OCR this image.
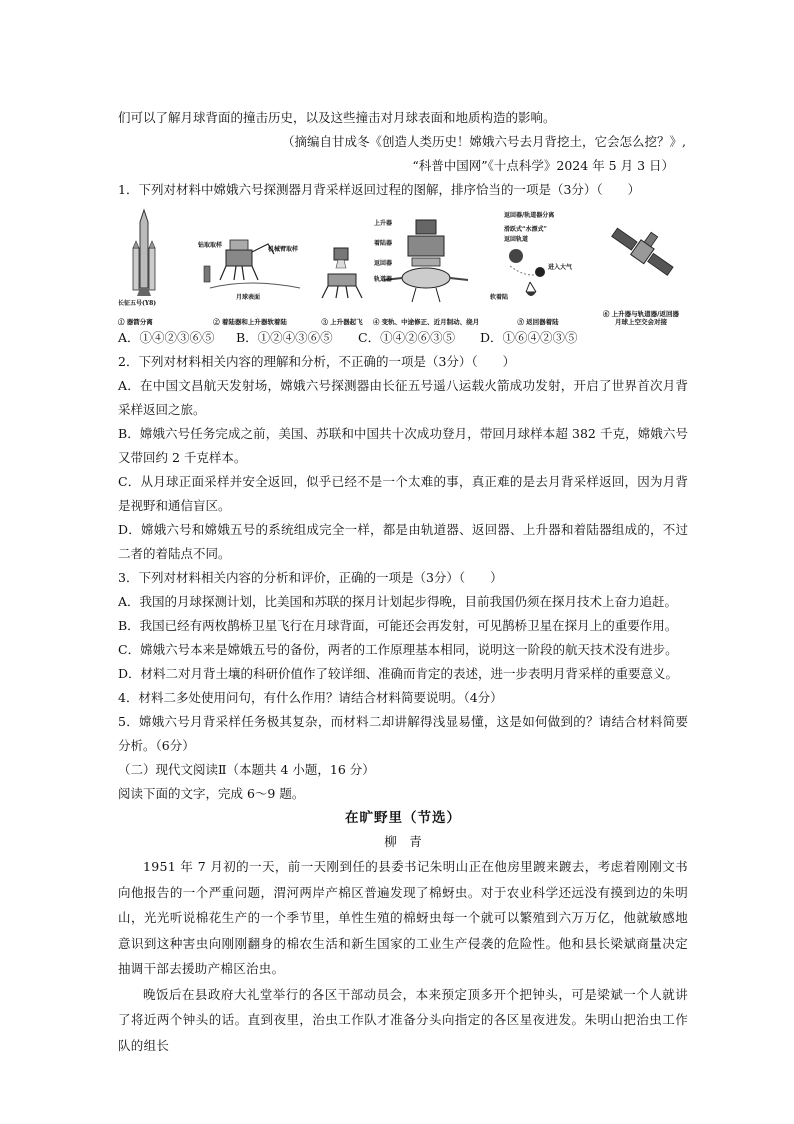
们可以了解月球背面的撞击历史，以及这些撞击对月球表面和地质构造的影响。
（摘编自甘成冬《创造人类历史！嫦娥六号去月背挖土，它会怎么挖？》,
“科普中国网”《十点科学》2024 年 5 月 3 日）
1．下列对材料中嫦娥六号探测器月背采样返回过程的图解，排序恰当的一项是（3分）（　　）
长征五号(Y8)
① 器箭分离
钻取取样
机械臂取样
月球表面
② 着陆器和上升器软着陆	③ 上升器起飞
上升器
着陆器
返回器
轨道器
④ 变轨、中途修正、近月制动、绕月
返回器/轨道器分离
滑跃式“水漂式”
返回轨道
进入大气
软着陆
⑤ 返回器着陆
⑥ 上升器与轨道器/返回器
月球上空交会对接
A．①④②③⑥⑤	B．①②④③⑥⑤	C．①④②⑥③⑤	D．①⑥④②③⑤
2．下列对材料相关内容的理解和分析，不正确的一项是（3分）（　　）
A．在中国文昌航天发射场，嫦娥六号探测器由长征五号遥八运载火箭成功发射，开启了世界首次月背采样返回之旅。
B．嫦娥六号任务完成之前，美国、苏联和中国共十次成功登月，带回月球样本超 382 千克，嫦娥六号又带回约 2 千克样本。
C．从月球正面采样并安全返回，似乎已经不是一个太难的事，真正难的是去月背采样返回，因为月背是视野和通信盲区。
D．嫦娥六号和嫦娥五号的系统组成完全一样，都是由轨道器、返回器、上升器和着陆器组成的，不过二者的着陆点不同。
3．下列对材料相关内容的分析和评价，正确的一项是（3分）（　　）
A．我国的月球探测计划，比美国和苏联的探月计划起步得晚，目前我国仍须在探月技术上奋力追赶。
B．我国已经有两枚鹊桥卫星飞行在月球背面，可能还会再发射，可见鹊桥卫星在探月上的重要作用。
C．嫦娥六号本来是嫦娥五号的备份，两者的工作原理基本相同，说明这一阶段的航天技术没有进步。
D．材料二对月背土壤的科研价值作了较详细、准确而肯定的表述，进一步表明月背采样的重要意义。
4．材料二多处使用问句，有什么作用？请结合材料简要说明。（4分）
5．嫦娥六号月背采样任务极其复杂，而材料二却讲解得浅显易懂，这是如何做到的？请结合材料简要分析。（6分）
（二）现代文阅读Ⅱ（本题共 4 小题，16 分）
阅读下面的文字，完成 6～9 题。
在旷野里（节选）
柳　青
1951 年 7 月初的一天，前一天刚到任的县委书记朱明山正在他房里踱来踱去，考虑着刚刚文书向他报告的一个严重问题，渭河两岸产棉区普遍发现了棉蚜虫。对于农业科学还远没有摸到边的朱明山，光光听说棉花生产的一个季节里，单性生殖的棉蚜虫每一个就可以繁殖到六万万亿，他就敏感地意识到这种害虫向刚刚翻身的棉农生活和新生国家的工业生产侵袭的危险性。他和县长梁斌商量决定抽调干部去援助产棉区治虫。
晚饭后在县政府大礼堂举行的各区干部动员会，本来预定顶多开个把钟头，可是梁斌一个人就讲了将近两个钟头的话。直到夜里，治虫工作队才准备分头向指定的各区星夜进发。朱明山把治虫工作队的组长
